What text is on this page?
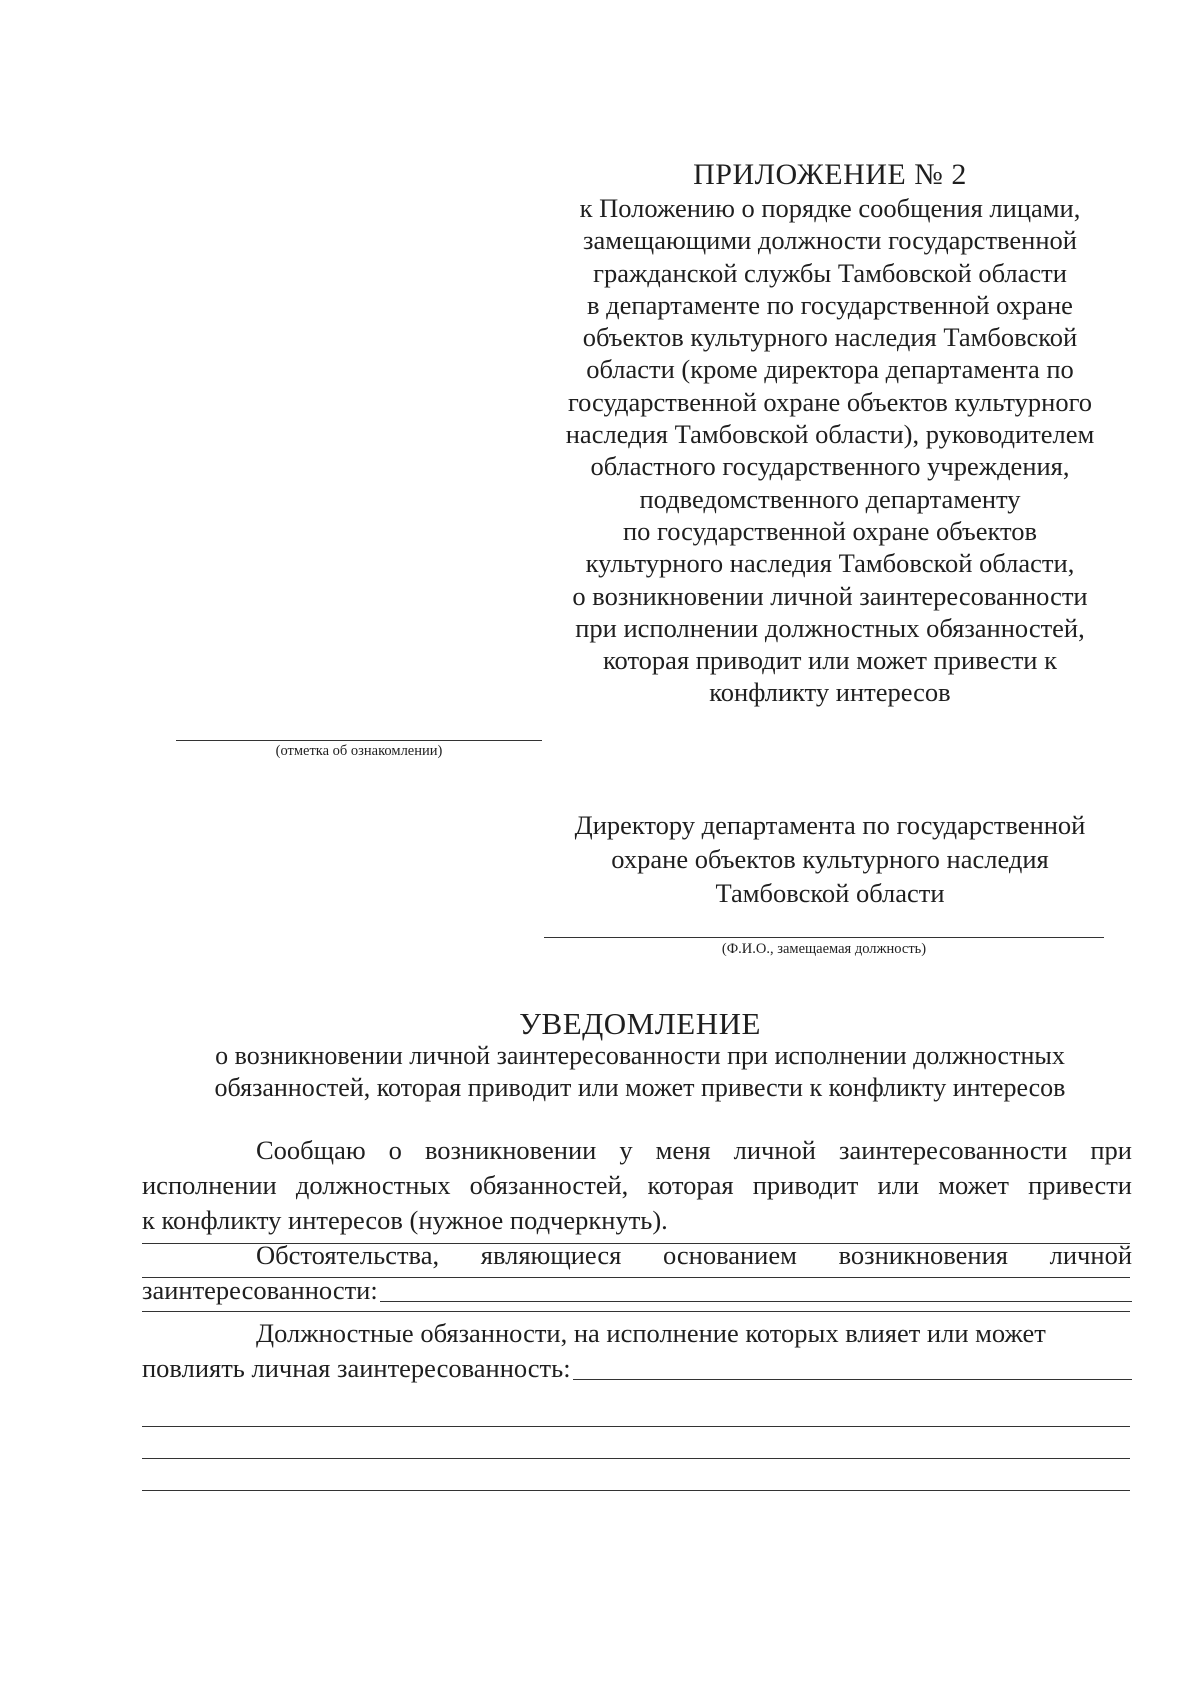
ПРИЛОЖЕНИЕ № 2
к Положению о порядке сообщения лицами,
замещающими должности государственной
гражданской службы Тамбовской области
в департаменте по государственной охране
объектов культурного наследия Тамбовской
области (кроме директора департамента по
государственной охране объектов культурного
наследия Тамбовской области), руководителем
областного государственного учреждения,
подведомственного департаменту
по государственной охране объектов
культурного наследия Тамбовской области,
о возникновении личной заинтересованности
при исполнении должностных обязанностей,
которая приводит или может привести к
конфликту интересов
(отметка об ознакомлении)
Директору департамента по государственной
охране объектов культурного наследия
Тамбовской области
(Ф.И.О., замещаемая должность)
УВЕДОМЛЕНИЕ
о возникновении личной заинтересованности при исполнении должностных
обязанностей, которая приводит или может привести к конфликту интересов
Сообщаю о возникновении у меня личной заинтересованности при
исполнении должностных обязанностей, которая приводит или может привести
к конфликту интересов (нужное подчеркнуть).
Обстоятельства, являющиеся основанием возникновения личной
заинтересованности:
Должностные обязанности, на исполнение которых влияет или может
повлиять личная заинтересованность:
